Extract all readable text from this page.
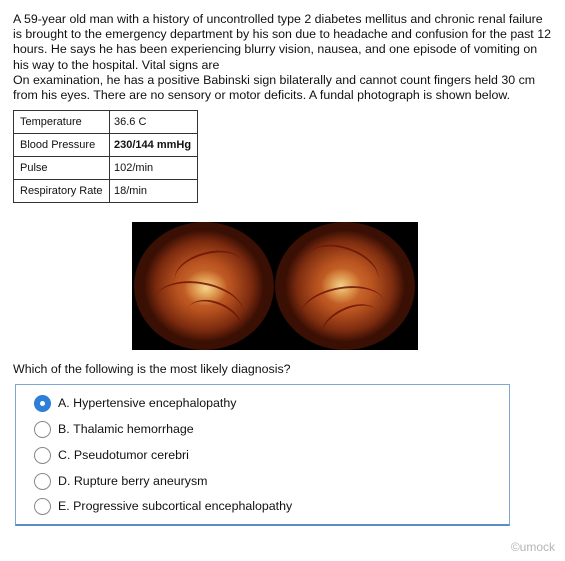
A 59-year old man with a history of uncontrolled type 2 diabetes mellitus and chronic renal failure is brought to the emergency department by his son due to headache and confusion for the past 12 hours. He says he has been experiencing blurry vision, nausea, and one episode of vomiting on his way to the hospital. Vital signs are

On examination, he has a positive Babinski sign bilaterally and cannot count fingers held 30 cm from his eyes. There are no sensory or motor deficits. A fundal photograph is shown below.

Temperature	36.6 C
Blood Pressure	230/144 mmHg
Pulse	102/min
Respiratory Rate	18/min
Which of the following is the most likely diagnosis?
A.
Hypertensive encephalopathy
B.
Thalamic hemorrhage
C.
Pseudotumor cerebri
D.
Rupture berry aneurysm
E.
Progressive subcortical encephalopathy
©umock
